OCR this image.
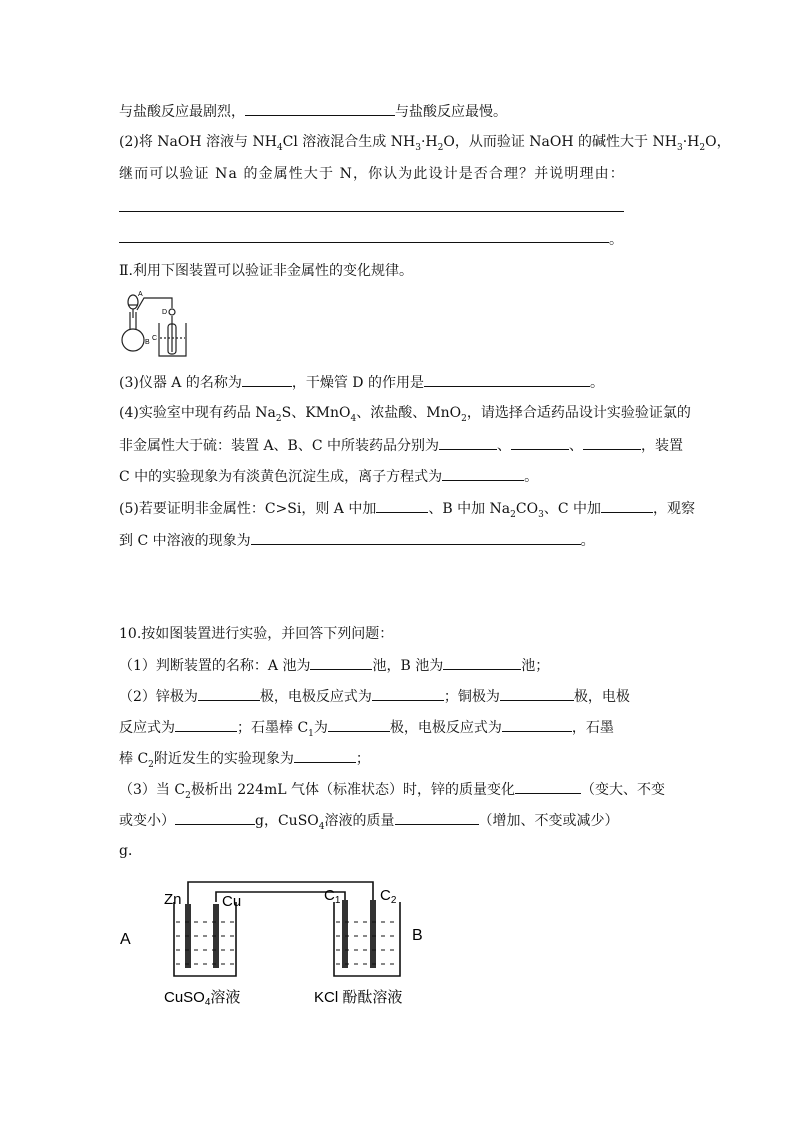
与盐酸反应最剧烈，	与盐酸反应最慢。
(2)将 NaOH 溶液与 $NH_4Cl$ 溶液混合生成 $NH_3\cdot H_2O$，从而验证 NaOH 的碱性大于 $NH_3\cdot H_2O$，
继而可以验证 Na 的金属性大于 N，你认为此设计是否合理？并说明理由：
。
Ⅱ.利用下图装置可以验证非金属性的变化规律。
A
B
C
D
(3)仪器 A 的名称为	，干燥管 D 的作用是	。
(4)实验室中现有药品 $Na_2S$、KMnO$_4$、浓盐酸、MnO$_2$，请选择合适药品设计实验验证氯的
非金属性大于硫：装置 A、B、C 中所装药品分别为	、	、	，装置
C 中的实验现象为有淡黄色沉淀生成，离子方程式为	。
(5)若要证明非金属性：C>Si，则 A 中加	、B 中加 $Na_2CO_3$、C 中加	，观察
到 C 中溶液的现象为	。
10.按如图装置进行实验，并回答下列问题：
（1）判断装置的名称：A 池为	池，B 池为	池；
（2）锌极为	极，电极反应式为	；铜极为	极，电极
反应式为	；石墨棒 $C_1$为	极，电极反应式为	，石墨
棒 $C_2$附近发生的实验现象为	；
（3）当 $C_2$极析出 224mL 气体（标准状态）时，锌的质量变化	（变大、不变
或变小）	g，CuSO$_4$溶液的质量	（增加、不变或减少）
g．
A	B
Zn	Cu	$C_1$	$C_2$
CuSO$_4$溶液	KCl 酚酞溶液
